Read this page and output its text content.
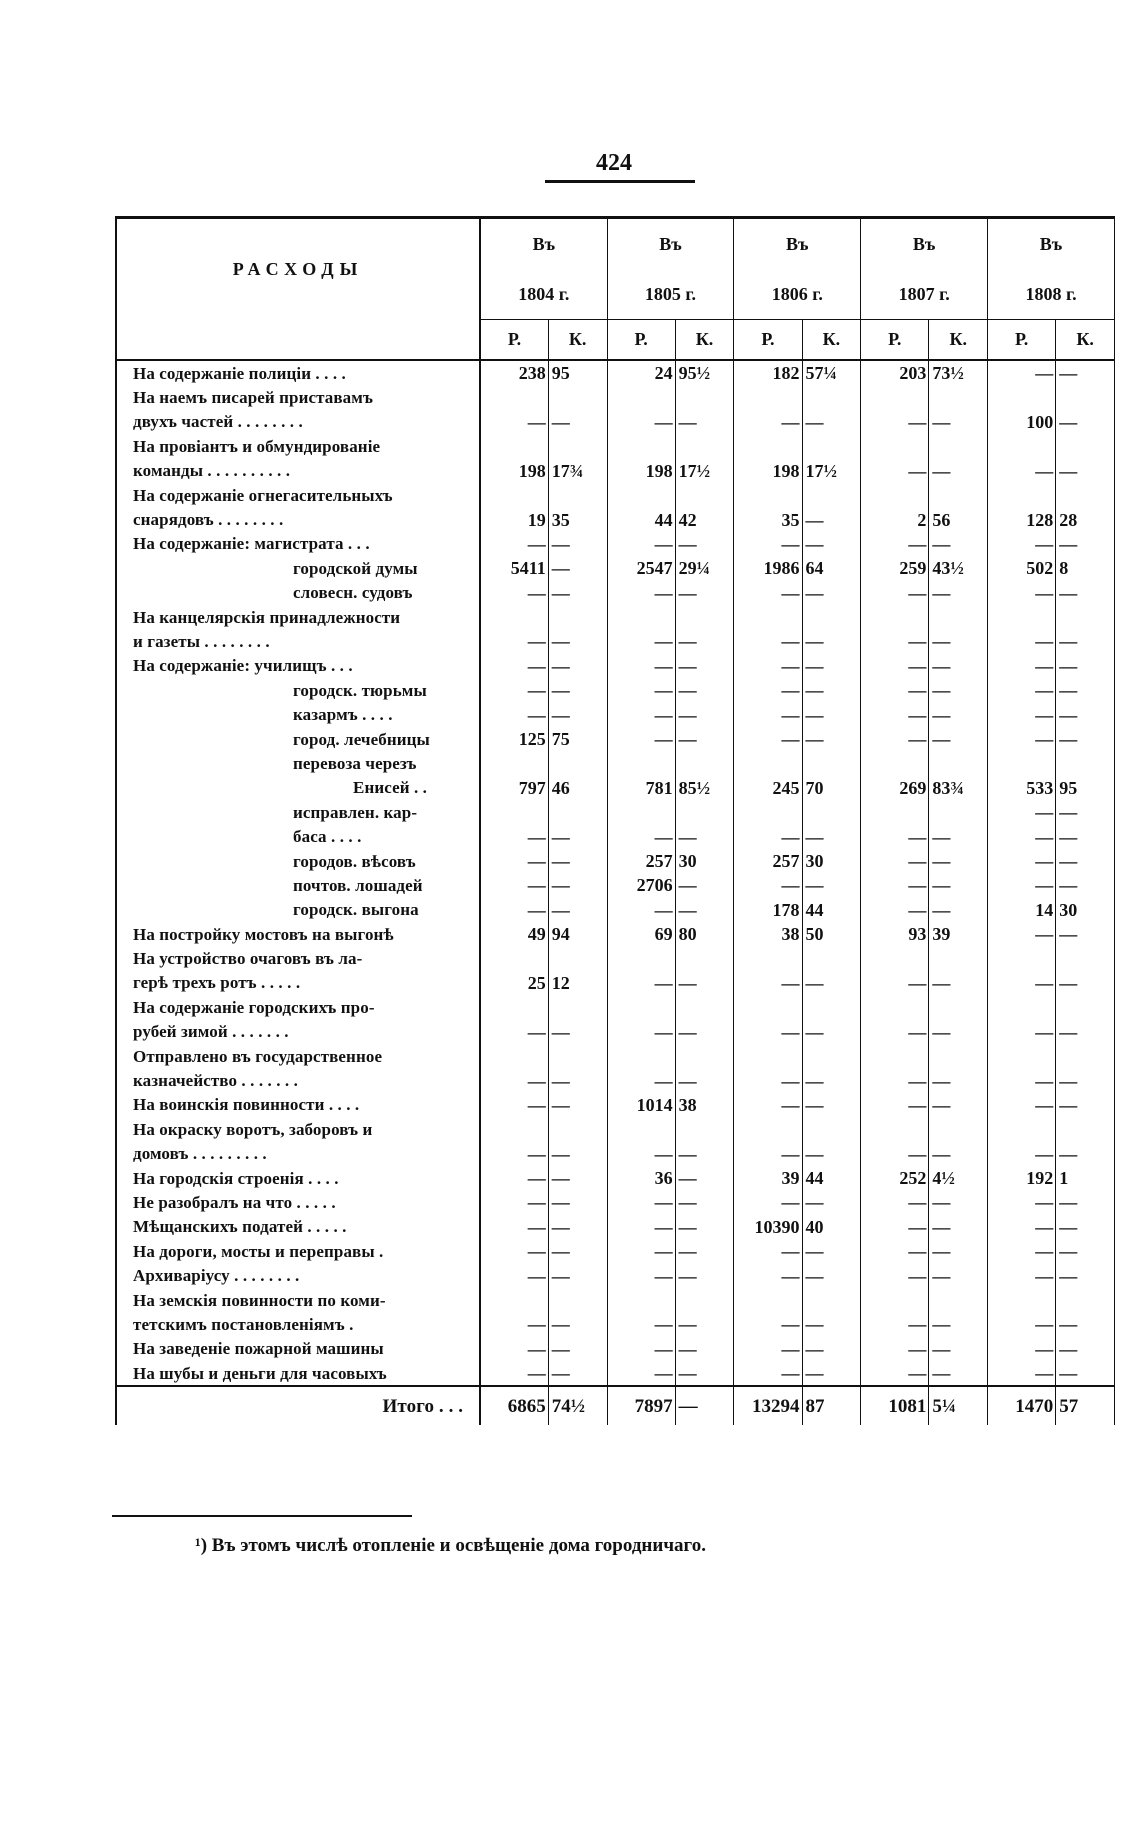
424
РАСХОДЫ	Въ		Въ		Въ		Въ		Въ	
	1804 г.		1805 г.		1806 г.		1807 г.		1808 г.	
	Р.	К.	Р.	К.	Р.	К.	Р.	К.	Р.	К.
На содержаніе полиціи . . . .	238	95	24	95½	182	57¼	203	73½	—	—
На наемъ писарей приставамъ										
двухъ частей . . . . . . . .	—	—	—	—	—	—	—	—	100	—
На провіантъ и обмундированіе										
команды . . . . . . . . . .	198	17¾	198	17½	198	17½	—	—	—	—
На содержаніе огнегасительныхъ										
снарядовъ . . . . . . . .	19	35	44	42	35	—	2	56	128	28
На содержаніе: магистрата . . .	—	—	—	—	—	—	—	—	—	—
городской думы	5411	—	2547	29¼	1986	64	259	43½	502	8
словесн. судовъ	—	—	—	—	—	—	—	—	—	—
На канцелярскія принадлежности										
и газеты . . . . . . . .	—	—	—	—	—	—	—	—	—	—
На содержаніе: училищъ . . .	—	—	—	—	—	—	—	—	—	—
городск. тюрьмы	—	—	—	—	—	—	—	—	—	—
казармъ . . . .	—	—	—	—	—	—	—	—	—	—
город. лечебницы	125	75	—	—	—	—	—	—	—	—
перевоза черезъ										
Енисей . .	797	46	781	85½	245	70	269	83¾	533	95
исправлен. кар-									—	—
баса . . . .	—	—	—	—	—	—	—	—	—	—
городов. вѣсовъ	—	—	257	30	257	30	—	—	—	—
почтов. лошадей	—	—	2706	—	—	—	—	—	—	—
городск. выгона	—	—	—	—	178	44	—	—	14	30
На постройку мостовъ на выгонѣ	49	94	69	80	38	50	93	39	—	—
На устройство очаговъ въ ла-										
герѣ трехъ ротъ . . . . .	25	12	—	—	—	—	—	—	—	—
На содержаніе городскихъ про-										
рубей зимой . . . . . . .	—	—	—	—	—	—	—	—	—	—
Отправлено въ государственное										
казначейство . . . . . . .	—	—	—	—	—	—	—	—	—	—
На воинскія повинности . . . .	—	—	1014	38	—	—	—	—	—	—
На окраску воротъ, заборовъ и										
домовъ . . . . . . . . .	—	—	—	—	—	—	—	—	—	—
На городскія строенія . . . .	—	—	36	—	39	44	252	4½	192	1
Не разобралъ на что . . . . .	—	—	—	—	—	—	—	—	—	—
Мѣщанскихъ податей . . . . .	—	—	—	—	10390	40	—	—	—	—
На дороги, мосты и переправы .	—	—	—	—	—	—	—	—	—	—
Архиваріусу . . . . . . . .	—	—	—	—	—	—	—	—	—	—
На земскія повинности по коми-										
тетскимъ постановленіямъ .	—	—	—	—	—	—	—	—	—	—
На заведеніе пожарной машины	—	—	—	—	—	—	—	—	—	—
На шубы и деньги для часовыхъ	—	—	—	—	—	—	—	—	—	—
Итого . . .	6865	74½	7897	—	13294	87	1081	5¼	1470	57
¹) Въ этомъ числѣ отопленіе и освѣщеніе дома городничаго.
